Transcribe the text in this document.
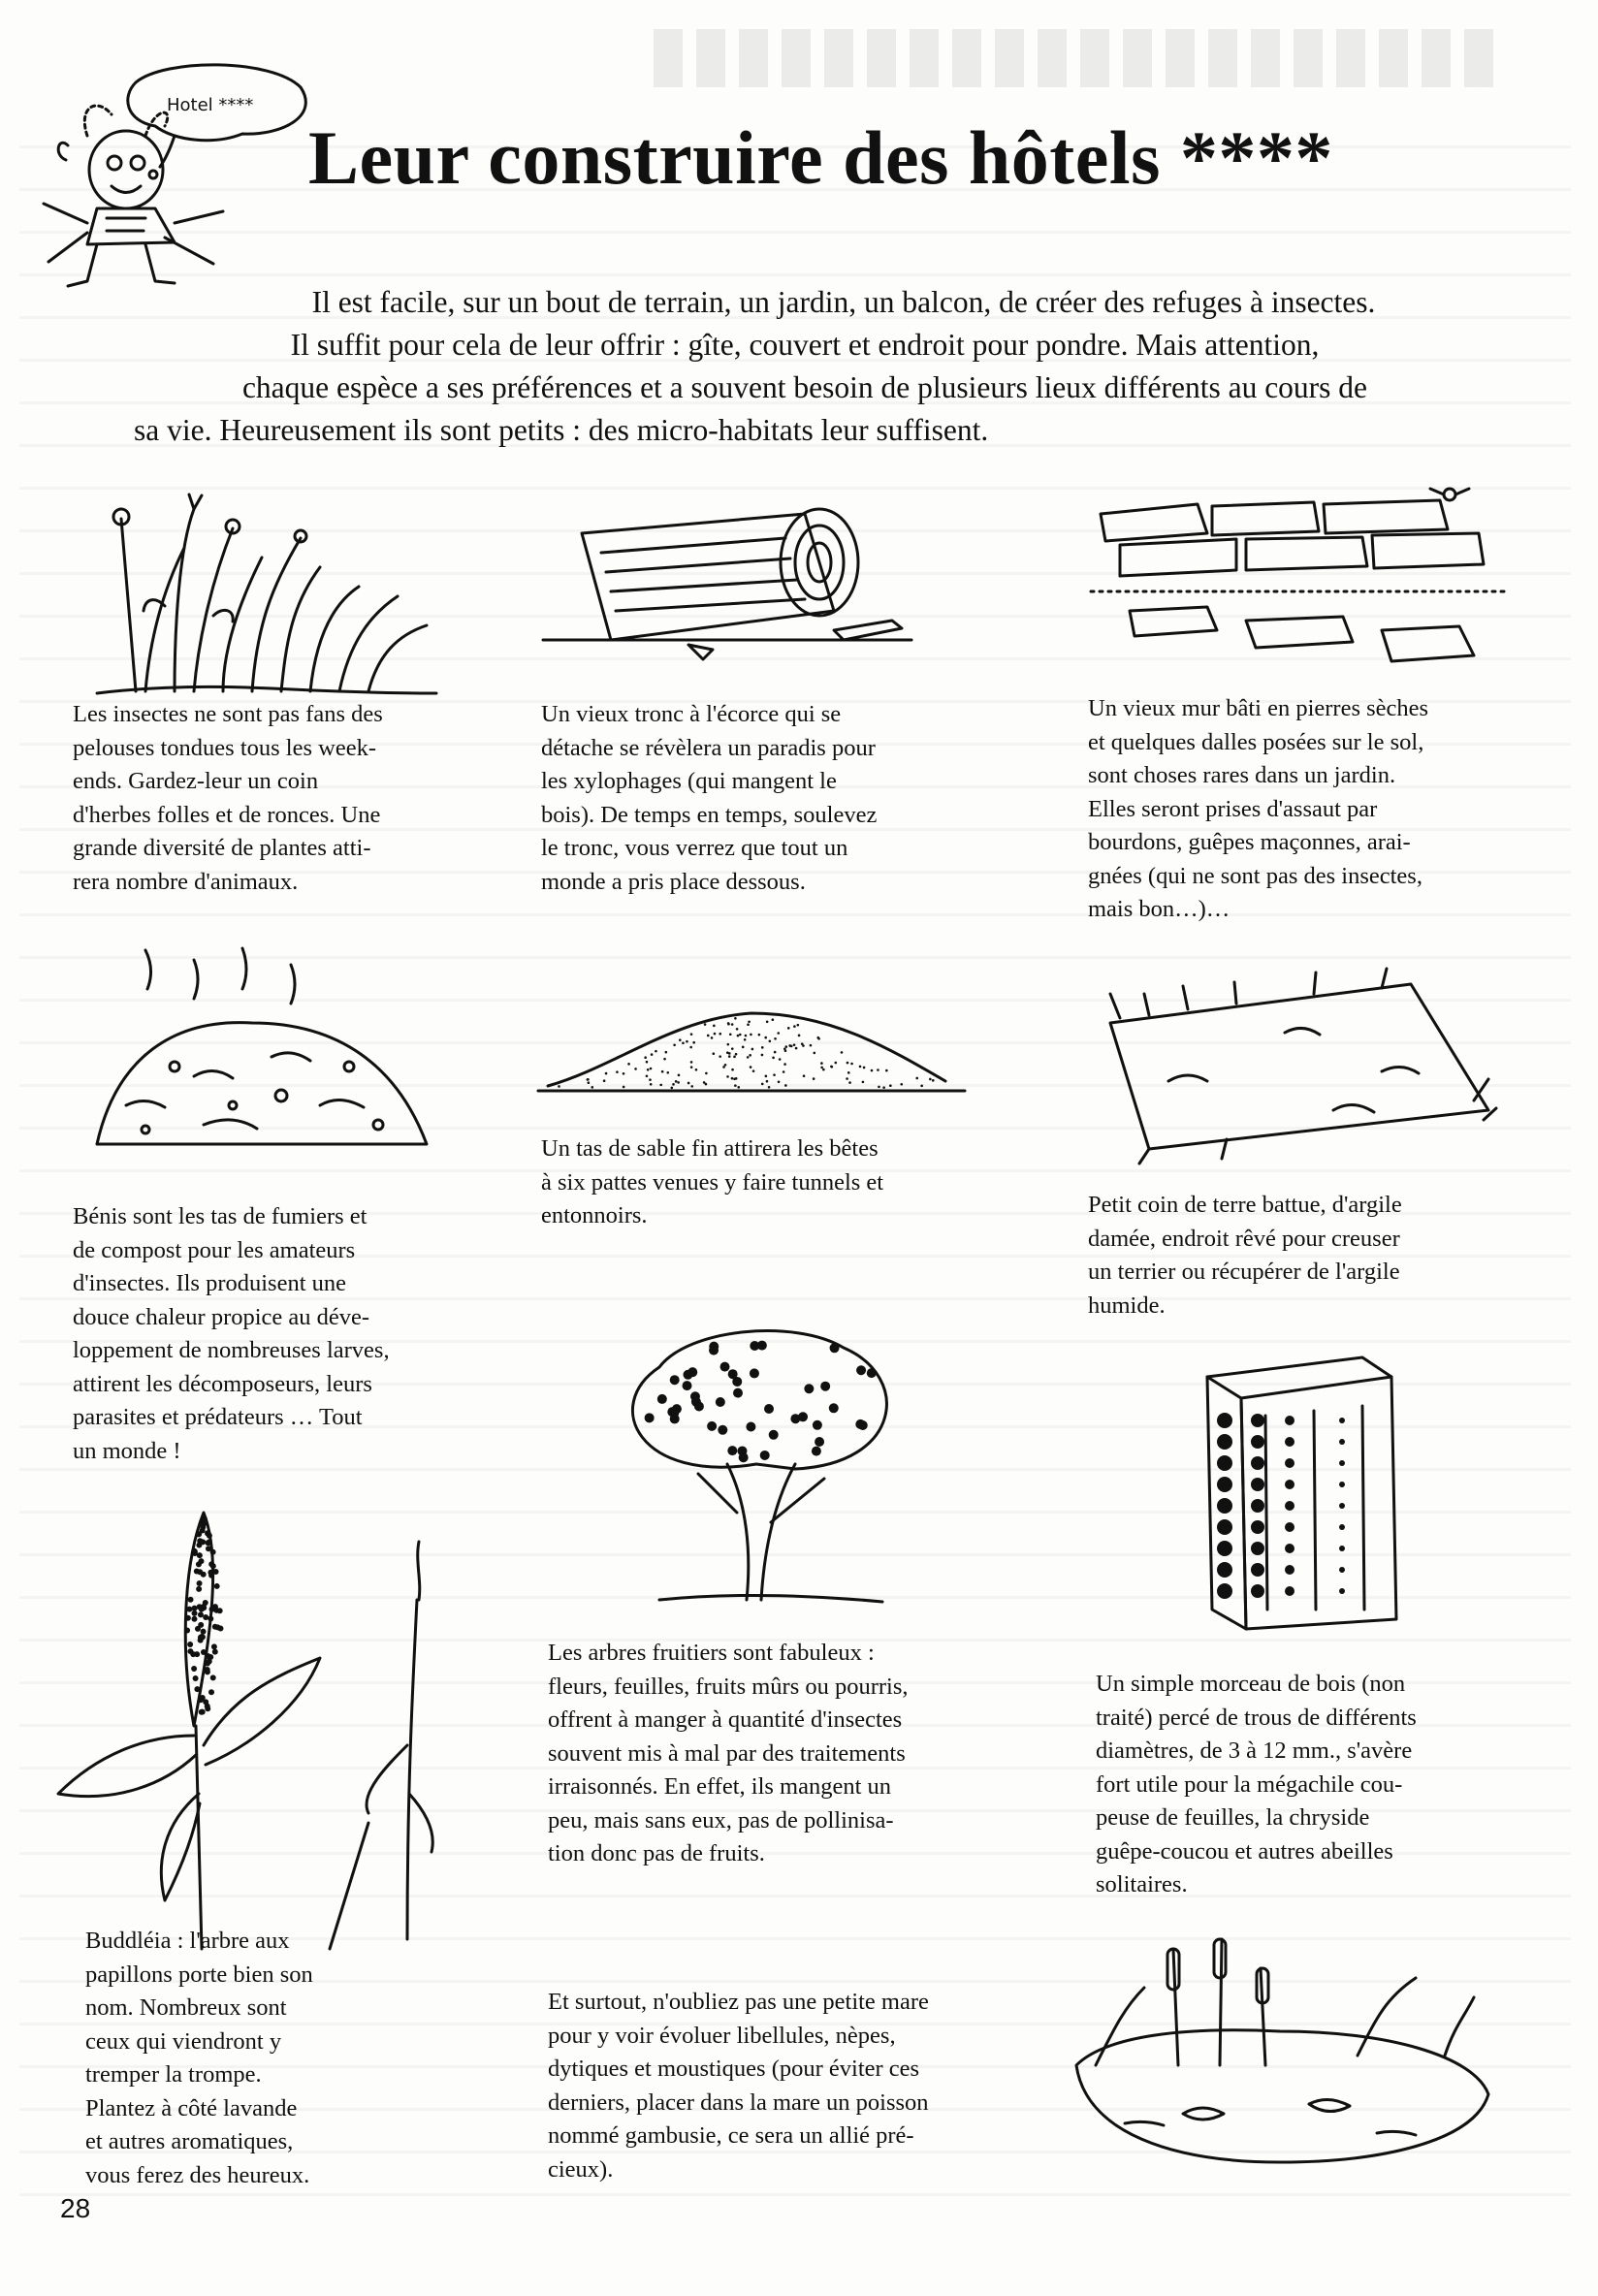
Hotel ****
Leur construire des hôtels ****
Il est facile, sur un bout de terrain, un jardin, un balcon, de créer des refuges à insectes.
Il suffit pour cela de leur offrir : gîte, couvert et endroit pour pondre. Mais attention,
chaque espèce a ses préférences et a souvent besoin de plusieurs lieux différents au cours de
sa vie. Heureusement ils sont petits : des micro-habitats leur suffisent.
Les insectes ne sont pas fans des
pelouses tondues tous les week-
ends. Gardez-leur un coin
d'herbes folles et de ronces. Une
grande diversité de plantes atti-
rera nombre d'animaux.
Un vieux tronc à l'écorce qui se
détache se révèlera un paradis pour
les xylophages (qui mangent le
bois). De temps en temps, soulevez
le tronc, vous verrez que tout un
monde a pris place dessous.
Un vieux mur bâti en pierres sèches
et quelques dalles posées sur le sol,
sont choses rares dans un jardin.
Elles seront prises d'assaut par
bourdons, guêpes maçonnes, arai-
gnées (qui ne sont pas des insectes,
mais bon…)…
Bénis sont les tas de fumiers et
de compost pour les amateurs
d'insectes. Ils produisent une
douce chaleur propice au déve-
loppement de nombreuses larves,
attirent les décomposeurs, leurs
parasites et prédateurs … Tout
un monde !
Un tas de sable fin attirera les bêtes
à six pattes venues y faire tunnels et
entonnoirs.	Petit coin de terre battue, d'argile
damée, endroit rêvé pour creuser
un terrier ou récupérer de l'argile
humide.
Les arbres fruitiers sont fabuleux :
fleurs, feuilles, fruits mûrs ou pourris,
offrent à manger à quantité d'insectes
souvent mis à mal par des traitements
irraisonnés. En effet, ils mangent un
peu, mais sans eux, pas de pollinisa-
tion donc pas de fruits.
Un simple morceau de bois (non
traité) percé de trous de différents
diamètres, de 3 à 12 mm., s'avère
fort utile pour la mégachile cou-
peuse de feuilles, la chryside
guêpe-coucou et autres abeilles
solitaires.
Buddléia : l'arbre aux
papillons porte bien son
nom. Nombreux sont
ceux qui viendront y
tremper la trompe.
Plantez à côté lavande
et autres aromatiques,
vous ferez des heureux.
Et surtout, n'oubliez pas une petite mare
pour y voir évoluer libellules, nèpes,
dytiques et moustiques (pour éviter ces
derniers, placer dans la mare un poisson
nommé gambusie, ce sera un allié pré-
cieux).
28
